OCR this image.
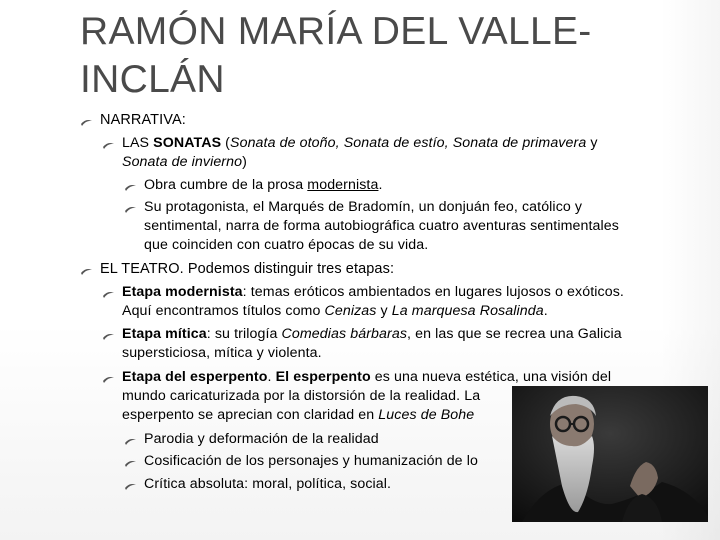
RAMÓN MARÍA DEL VALLE-
INCLÁN
NARRATIVA:
LAS SONATAS (Sonata de otoño, Sonata de estío, Sonata de primavera y
Sonata de invierno)
Obra cumbre de la prosa modernista.
Su protagonista, el Marqués de Bradomín, un donjuán feo, católico y
sentimental, narra de forma autobiográfica cuatro aventuras sentimentales
que coinciden con cuatro épocas de su vida.
EL TEATRO. Podemos distinguir tres etapas:
Etapa modernista: temas eróticos ambientados en lugares lujosos o exóticos.
Aquí encontramos títulos como Cenizas y La marquesa Rosalinda.
Etapa mítica: su trilogía Comedias bárbaras, en las que se recrea una Galicia
supersticiosa, mítica y violenta.
Etapa del esperpento. El esperpento es una nueva estética, una visión del
mundo caricaturizada por la distorsión de la realidad. La
esperpento se aprecian con claridad en Luces de Bohe
Parodia y deformación de la realidad
Cosificación de los personajes y humanización de lo
Crítica absoluta: moral, política, social.
